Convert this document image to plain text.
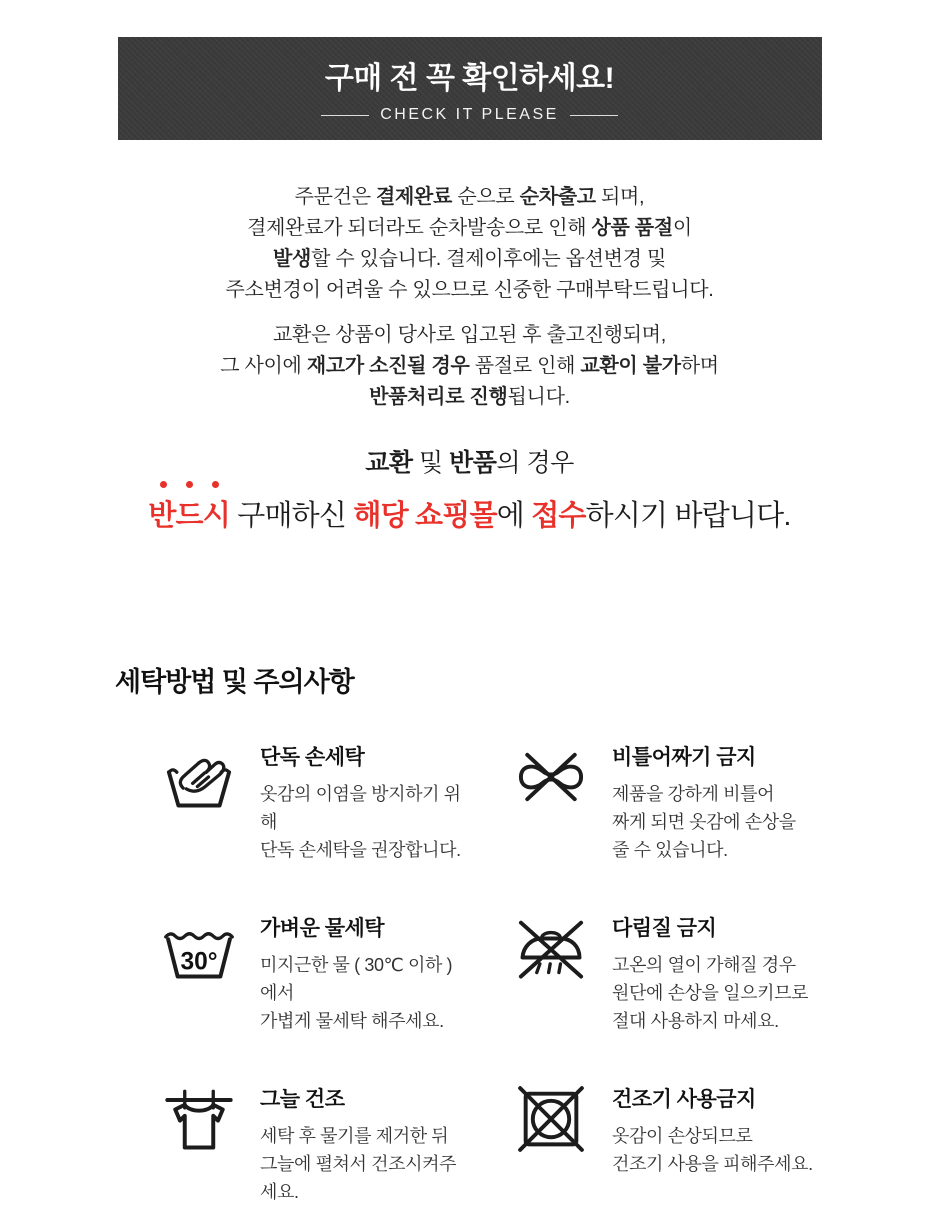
구매 전 꼭 확인하세요!
CHECK IT PLEASE

주문건은 결제완료 순으로 순차출고 되며,
결제완료가 되더라도 순차발송으로 인해 상품 품절이
발생할 수 있습니다. 결제이후에는 옵션변경 및
주소변경이 어려울 수 있으므로 신중한 구매부탁드립니다.

교환은 상품이 당사로 입고된 후 출고진행되며,
그 사이에 재고가 소진될 경우 품절로 인해 교환이 불가하며
반품처리로 진행됩니다.

교환 및 반품의 경우

반드시 구매하신 해당 쇼핑몰에 접수하시기 바랍니다.

세탁방법 및 주의사항
단독 손세탁
옷감의 이염을 방지하기 위해
단독 손세탁을 권장합니다.
비틀어짜기 금지
제품을 강하게 비틀어
짜게 되면 옷감에 손상을
줄 수 있습니다.
30°
가벼운 물세탁
미지근한 물 ( 30℃ 이하 ) 에서
가볍게 물세탁 해주세요.
다림질 금지
고온의 열이 가해질 경우
원단에 손상을 일으키므로
절대 사용하지 마세요.
그늘 건조
세탁 후 물기를 제거한 뒤
그늘에 펼쳐서 건조시켜주세요.
건조기 사용금지
옷감이 손상되므로
건조기 사용을 피해주세요.
